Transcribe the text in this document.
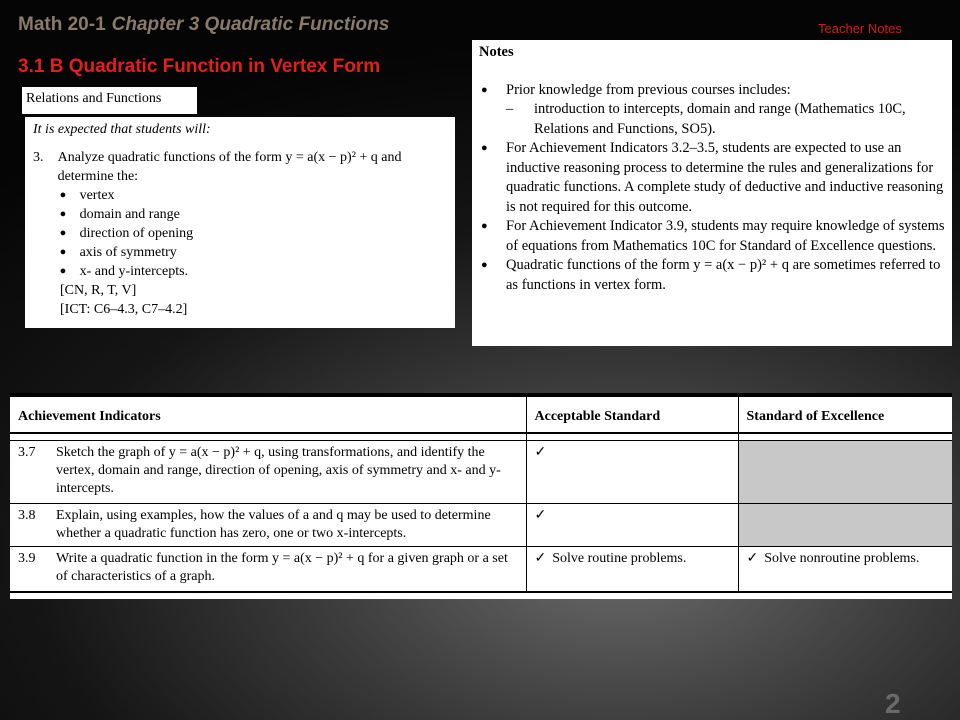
Math 20-1 Chapter 3 Quadratic Functions	Teacher Notes
3.1 B Quadratic Function in Vertex Form
Relations and Functions
It is expected that students will:
3.	Analyze quadratic functions of the form y = a(x − p)² + q and determine the:
● vertex
● domain and range
● direction of opening
● axis of symmetry
● x- and y-intercepts.
[CN, R, T, V]
[ICT: C6–4.3, C7–4.2]
Notes
●	Prior knowledge from previous courses includes:
–	introduction to intercepts, domain and range (Mathematics 10C, Relations and Functions, SO5).
●	For Achievement Indicators 3.2–3.5, students are expected to use an inductive reasoning process to determine the rules and generalizations for quadratic functions. A complete study of deductive and inductive reasoning is not required for this outcome.
●	For Achievement Indicator 3.9, students may require knowledge of systems of equations from Mathematics 10C for Standard of Excellence questions.
●	Quadratic functions of the form y = a(x − p)² + q are sometimes referred to as functions in vertex form.
Achievement Indicators	Acceptable Standard	Standard of Excellence

3.7 Sketch the graph of y = a(x − p)² + q, using transformations, and identify the vertex, domain and range, direction of opening, axis of symmetry and x- and y-intercepts.	✓	

3.8 Explain, using examples, how the values of a and q may be used to determine whether a quadratic function has zero, one or two x-intercepts.	✓	

3.9 Write a quadratic function in the form y = a(x − p)² + q for a given graph or a set of characteristics of a graph.	✓ Solve routine problems.	✓ Solve nonroutine problems.
2
